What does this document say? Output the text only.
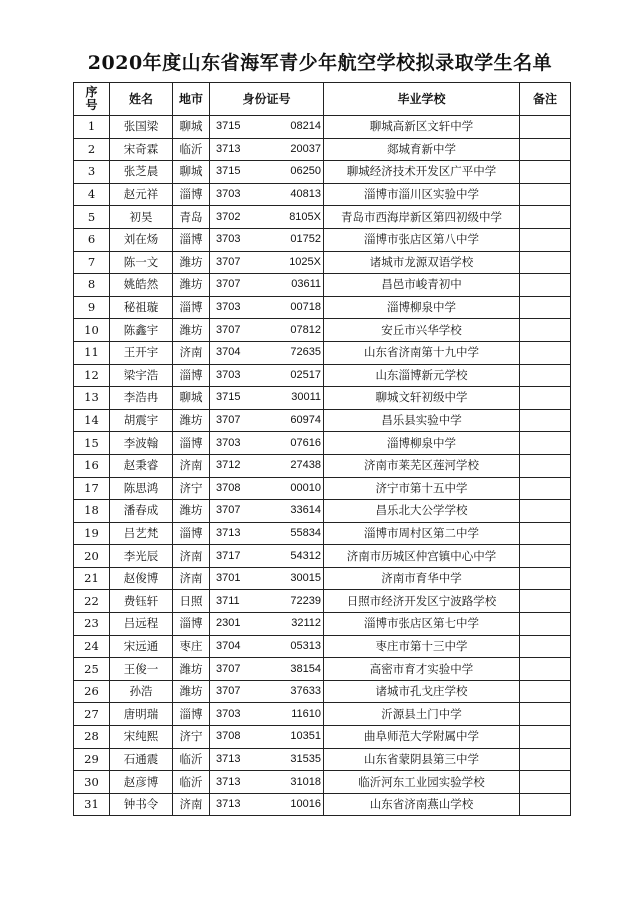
2020年度山东省海军青少年航空学校拟录取学生名单
序号	姓名	地市	身份证号	毕业学校	备注
1	张国梁	聊城	3715 08214	聊城高新区文轩中学	
2	宋奇霖	临沂	3713 20037	郯城育新中学	
3	张芝晨	聊城	3715 06250	聊城经济技术开发区广平中学	
4	赵元祥	淄博	3703 40813	淄博市淄川区实验中学	
5	初昊	青岛	3702 8105X	青岛市西海岸新区第四初级中学	
6	刘在炀	淄博	3703 01752	淄博市张店区第八中学	
7	陈一文	潍坊	3707 1025X	诸城市龙源双语学校	
8	姚皓然	潍坊	3707 03611	昌邑市峻青初中	
9	秘祖璇	淄博	3703 00718	淄博柳泉中学	
10	陈鑫宇	潍坊	3707 07812	安丘市兴华学校	
11	王开宇	济南	3704 72635	山东省济南第十九中学	
12	梁宇浩	淄博	3703 02517	山东淄博新元学校	
13	李浩冉	聊城	3715 30011	聊城文轩初级中学	
14	胡震宇	潍坊	3707 60974	昌乐县实验中学	
15	李波翰	淄博	3703 07616	淄博柳泉中学	
16	赵秉睿	济南	3712 27438	济南市莱芜区莲河学校	
17	陈思鸿	济宁	3708 00010	济宁市第十五中学	
18	潘春成	潍坊	3707 33614	昌乐北大公学学校	
19	吕艺梵	淄博	3713 55834	淄博市周村区第二中学	
20	李光辰	济南	3717 54312	济南市历城区仲宫镇中心中学	
21	赵俊博	济南	3701 30015	济南市育华中学	
22	费钰轩	日照	3711 72239	日照市经济开发区宁波路学校	
23	吕远程	淄博	2301 32112	淄博市张店区第七中学	
24	宋远通	枣庄	3704 05313	枣庄市第十三中学	
25	王俊一	潍坊	3707 38154	高密市育才实验中学	
26	孙浩	潍坊	3707 37633	诸城市孔戈庄学校	
27	唐明瑞	淄博	3703 11610	沂源县土门中学	
28	宋纯熙	济宁	3708 10351	曲阜师范大学附属中学	
29	石通震	临沂	3713 31535	山东省蒙阴县第三中学	
30	赵彦博	临沂	3713 31018	临沂河东工业园实验学校	
31	钟书令	济南	3713 10016	山东省济南燕山学校	
